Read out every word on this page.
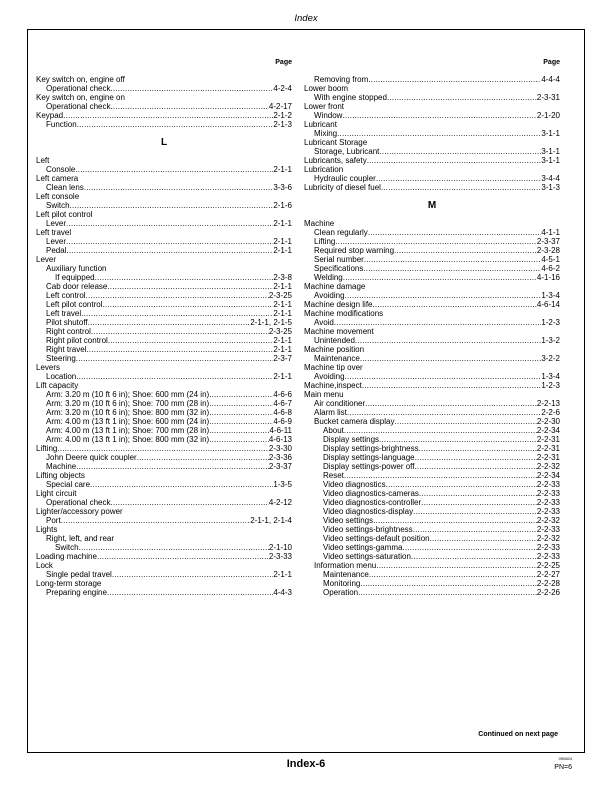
Index
Page
Key switch on, engine off
Operational check .....	4-2-4
Key switch on, engine on
Operational check .....	4-2-17
Keypad .....	2-1-2
Function .....	2-1-3
L
Left
Console .....	2-1-1
Left camera
Clean lens .....	3-3-6
Left console
Switch .....	2-1-6
Left pilot control
Lever .....	2-1-1
Left travel
Lever .....	2-1-1
Pedal .....	2-1-1
Lever
Auxiliary function
If equipped .....	2-3-8
Cab door release .....	2-1-1
Left control .....	2-3-25
Left pilot control .....	2-1-1
Left travel .....	2-1-1
Pilot shutoff .....	2-1-1, 2-1-5
Right control .....	2-3-25
Right pilot control .....	2-1-1
Right travel .....	2-1-1
Steering .....	2-3-7
Levers
Location .....	2-1-1
Lift capacity
Arm: 3.20 m (10 ft 6 in); Shoe: 600 mm (24 in) .....	4-6-6
Arm: 3.20 m (10 ft 6 in); Shoe: 700 mm (28 in) .....	4-6-7
Arm: 3.20 m (10 ft 6 in); Shoe: 800 mm (32 in) .....	4-6-8
Arm: 4.00 m (13 ft 1 in); Shoe: 600 mm (24 in) .....	4-6-9
Arm: 4.00 m (13 ft 1 in); Shoe: 700 mm (28 in) .....	4-6-11
Arm: 4.00 m (13 ft 1 in); Shoe: 800 mm (32 in) .....	4-6-13
Lifting .....	2-3-30
John Deere quick coupler .....	2-3-36
Machine .....	2-3-37
Lifting objects
Special care .....	1-3-5
Light circuit
Operational check .....	4-2-12
Lighter/accessory power
Port .....	2-1-1, 2-1-4
Lights
Right, left, and rear
Switch .....	2-1-10
Loading machine .....	2-3-33
Lock
Single pedal travel .....	2-1-1
Long-term storage
Preparing engine .....	4-4-3
Page
Removing from .....	4-4-4
Lower boom
With engine stopped .....	2-3-31
Lower front
Window .....	2-1-20
Lubricant
Mixing .....	3-1-1
Lubricant Storage
Storage, Lubricant .....	3-1-1
Lubricants, safety .....	3-1-1
Lubrication
Hydraulic coupler .....	3-4-4
Lubricity of diesel fuel .....	3-1-3
M
Machine
Clean regularly .....	4-1-1
Lifting .....	2-3-37
Required stop warning .....	2-3-28
Serial number .....	4-5-1
Specifications .....	4-6-2
Welding .....	4-1-16
Machine damage
Avoiding .....	1-3-4
Machine design life .....	4-6-14
Machine modifications
Avoid .....	1-2-3
Machine movement
Unintended .....	1-3-2
Machine position
Maintenance .....	3-2-2
Machine tip over
Avoiding .....	1-3-4
Machine,inspect .....	1-2-3
Main menu
Air conditioner .....	2-2-13
Alarm list .....	2-2-6
Bucket camera display .....	2-2-30
About .....	2-2-34
Display settings .....	2-2-31
Display settings-brightness .....	2-2-31
Display settings-language .....	2-2-31
Display settings-power off .....	2-2-32
Reset .....	2-2-34
Video diagnostics .....	2-2-33
Video diagnostics-cameras .....	2-2-33
Video diagnostics-controller .....	2-2-33
Video diagnostics-display .....	2-2-33
Video settings .....	2-2-32
Video settings-brightness .....	2-2-33
Video settings-default position .....	2-2-32
Video settings-gamma .....	2-2-33
Video settings-saturation .....	2-2-33
Information menu .....	2-2-25
Maintenance .....	2-2-27
Monitoring .....	2-2-28
Operation .....	2-2-26
Continued on next page
Index-6	090824
PN=6
